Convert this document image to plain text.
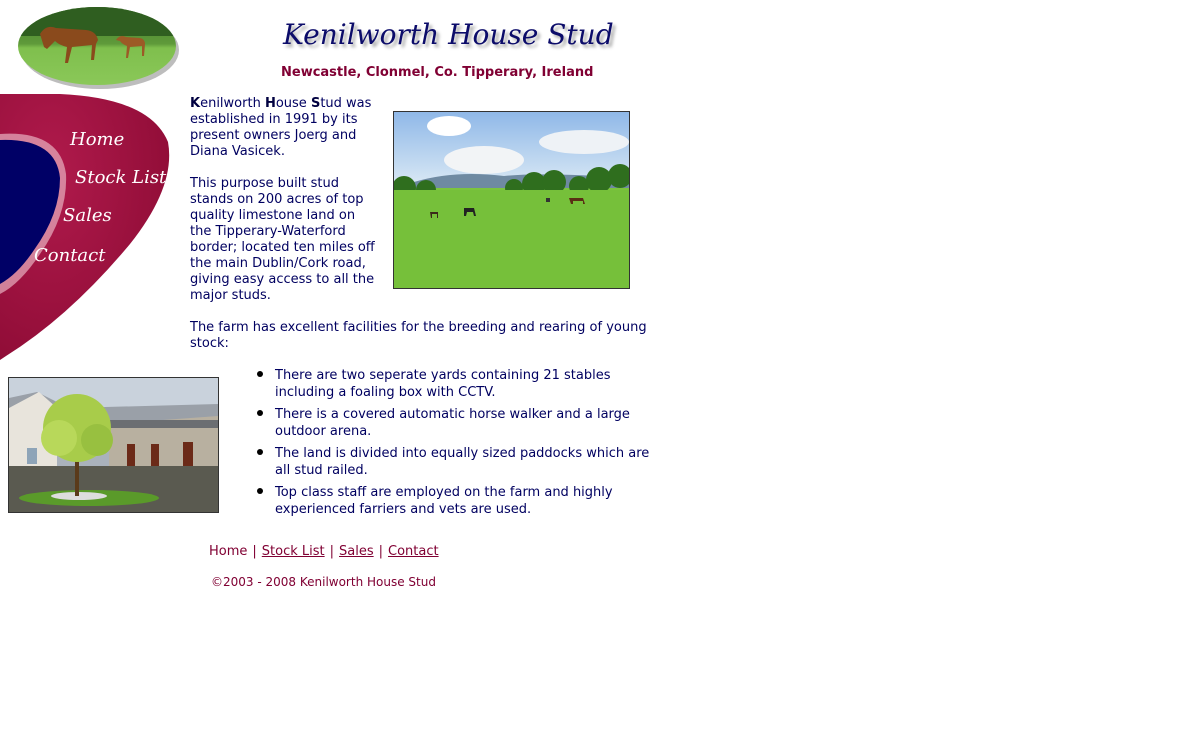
Kenilworth House Stud
Newcastle, Clonmel, Co. Tipperary, Ireland
Home
Stock List
Sales
Contact

Kenilworth House Stud was established in 1991 by its present owners Joerg and Diana Vasicek.

This purpose built stud stands on 200 acres of top quality limestone land on the Tipperary-Waterford border; located ten miles off the main Dublin/Cork road, giving easy access to all the major studs.

The farm has excellent facilities for the breeding and rearing of young stock:

There are two seperate yards containing 21 stables including a foaling box with CCTV.
There is a covered automatic horse walker and a large outdoor arena.
The land is divided into equally sized paddocks which are all stud railed.
Top class staff are employed on the farm and highly experienced farriers and vets are used.
Home | Stock List | Sales | Contact
©2003 - 2008 Kenilworth House Stud
